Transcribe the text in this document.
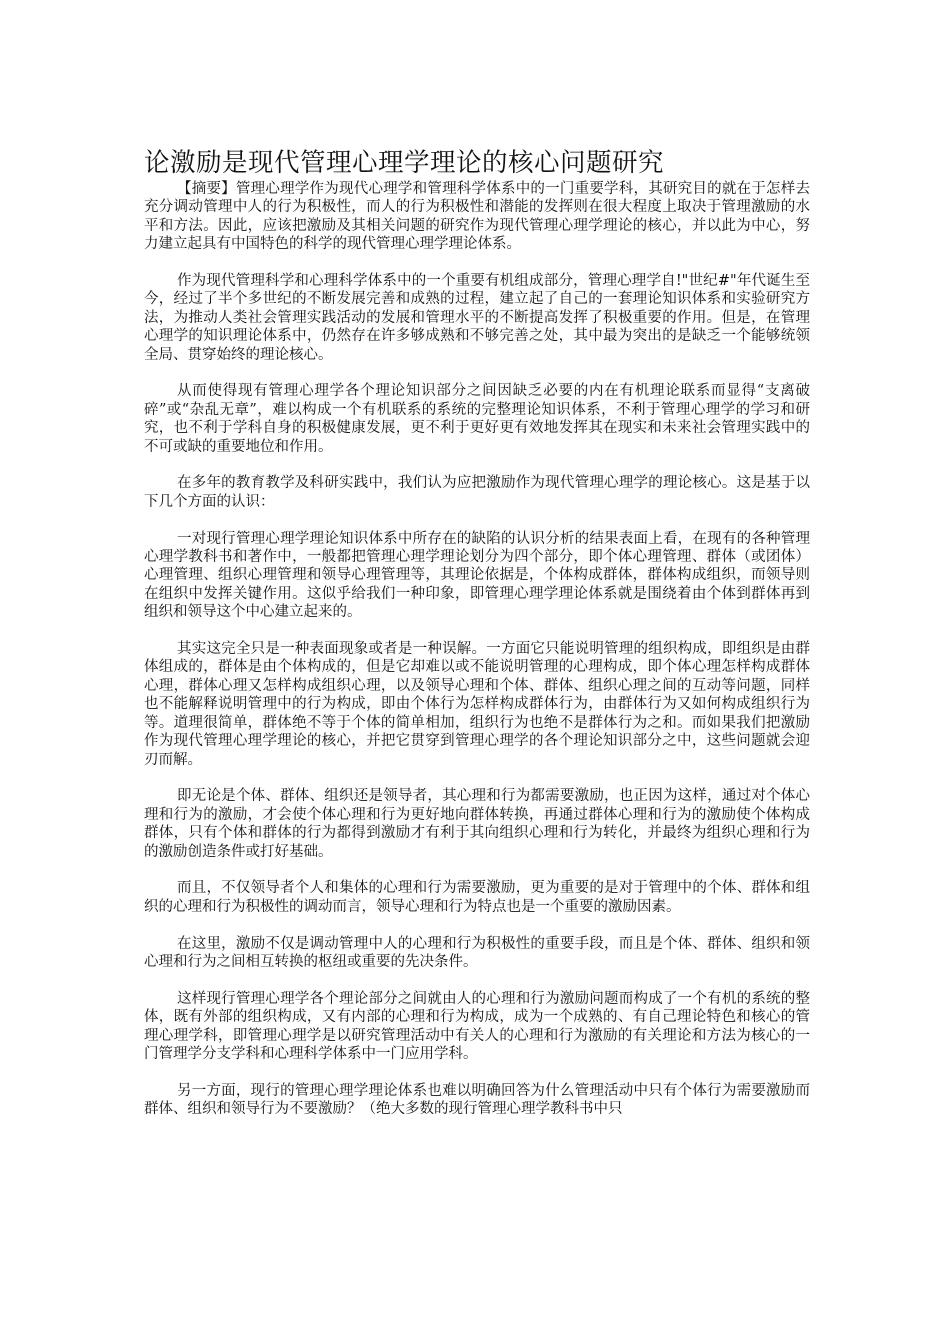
论激励是现代管理心理学理论的核心问题研究

【摘要】管理心理学作为现代心理学和管理科学体系中的一门重要学科，其研究目的就在于怎样去充分调动管理中人的行为积极性，而人的行为积极性和潜能的发挥则在很大程度上取决于管理激励的水平和方法。因此，应该把激励及其相关问题的研究作为现代管理心理学理论的核心，并以此为中心，努力建立起具有中国特色的科学的现代管理心理学理论体系。

作为现代管理科学和心理科学体系中的一个重要有机组成部分，管理心理学自!"世纪#"年代诞生至今，经过了半个多世纪的不断发展完善和成熟的过程，建立起了自己的一套理论知识体系和实验研究方法，为推动人类社会管理实践活动的发展和管理水平的不断提高发挥了积极重要的作用。但是，在管理心理学的知识理论体系中，仍然存在许多够成熟和不够完善之处，其中最为突出的是缺乏一个能够统领全局、贯穿始终的理论核心。

从而使得现有管理心理学各个理论知识部分之间因缺乏必要的内在有机理论联系而显得“支离破碎”或“杂乱无章”，难以构成一个有机联系的系统的完整理论知识体系，不利于管理心理学的学习和研究，也不利于学科自身的积极健康发展，更不利于更好更有效地发挥其在现实和未来社会管理实践中的不可或缺的重要地位和作用。

在多年的教育教学及科研实践中，我们认为应把激励作为现代管理心理学的理论核心。这是基于以下几个方面的认识：

一对现行管理心理学理论知识体系中所存在的缺陷的认识分析的结果表面上看，在现有的各种管理心理学教科书和著作中，一般都把管理心理学理论划分为四个部分，即个体心理管理、群体（或团体）心理管理、组织心理管理和领导心理管理等，其理论依据是，个体构成群体，群体构成组织，而领导则在组织中发挥关键作用。这似乎给我们一种印象，即管理心理学理论体系就是围绕着由个体到群体再到组织和领导这个中心建立起来的。

其实这完全只是一种表面现象或者是一种误解。一方面它只能说明管理的组织构成，即组织是由群体组成的，群体是由个体构成的，但是它却难以或不能说明管理的心理构成，即个体心理怎样构成群体心理，群体心理又怎样构成组织心理，以及领导心理和个体、群体、组织心理之间的互动等问题，同样也不能解释说明管理中的行为构成，即由个体行为怎样构成群体行为，由群体行为又如何构成组织行为等。道理很简单，群体绝不等于个体的简单相加，组织行为也绝不是群体行为之和。而如果我们把激励作为现代管理心理学理论的核心，并把它贯穿到管理心理学的各个理论知识部分之中，这些问题就会迎刃而解。

即无论是个体、群体、组织还是领导者，其心理和行为都需要激励，也正因为这样，通过对个体心理和行为的激励，才会使个体心理和行为更好地向群体转换，再通过群体心理和行为的激励使个体构成群体，只有个体和群体的行为都得到激励才有利于其向组织心理和行为转化，并最终为组织心理和行为的激励创造条件或打好基础。

而且，不仅领导者个人和集体的心理和行为需要激励，更为重要的是对于管理中的个体、群体和组织的心理和行为积极性的调动而言，领导心理和行为特点也是一个重要的激励因素。

在这里，激励不仅是调动管理中人的心理和行为积极性的重要手段，而且是个体、群体、组织和领心理和行为之间相互转换的枢纽或重要的先决条件。

这样现行管理心理学各个理论部分之间就由人的心理和行为激励问题而构成了一个有机的系统的整体，既有外部的组织构成，又有内部的心理和行为构成，成为一个成熟的、有自己理论特色和核心的管理心理学科，即管理心理学是以研究管理活动中有关人的心理和行为激励的有关理论和方法为核心的一门管理学分支学科和心理科学体系中一门应用学科。

另一方面，现行的管理心理学理论体系也难以明确回答为什么管理活动中只有个体行为需要激励而群体、组织和领导行为不要激励？（绝大多数的现行管理心理学教科书中只
